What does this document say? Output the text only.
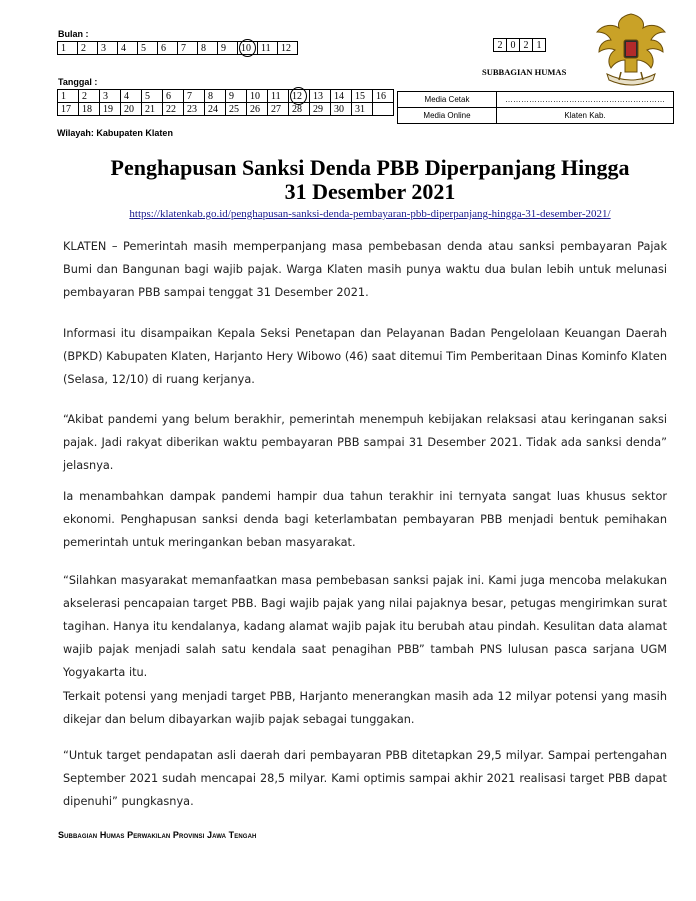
Bulan :
1	2	3	4	5	6	7	8	9	10	11	12
Tanggal :
1	2	3	4	5	6	7	8	9	10	11	12	13	14	15	16
17	18	19	20	21	22	23	24	25	26	27	28	29	30	31	
2	0	2	1
SUBBAGIAN HUMAS
Media Cetak	……………………………………………………
Media Online	Klaten Kab.
Wilayah: Kabupaten Klaten
Penghapusan Sanksi Denda PBB Diperpanjang Hingga
31 Desember 2021
https://klatenkab.go.id/penghapusan-sanksi-denda-pembayaran-pbb-diperpanjang-hingga-31-desember-2021/
KLATEN – Pemerintah masih memperpanjang masa pembebasan denda atau sanksi pembayaran Pajak Bumi dan Bangunan bagi wajib pajak. Warga Klaten masih punya waktu dua bulan lebih untuk melunasi pembayaran PBB sampai tenggat 31 Desember 2021.
Informasi itu disampaikan Kepala Seksi Penetapan dan Pelayanan Badan Pengelolaan Keuangan Daerah (BPKD) Kabupaten Klaten, Harjanto Hery Wibowo (46) saat ditemui Tim Pemberitaan Dinas Kominfo Klaten (Selasa, 12/10) di ruang kerjanya.
“Akibat pandemi yang belum berakhir, pemerintah menempuh kebijakan relaksasi atau keringanan saksi pajak. Jadi rakyat diberikan waktu pembayaran PBB sampai 31 Desember 2021. Tidak ada sanksi denda” jelasnya.
Ia menambahkan dampak pandemi hampir dua tahun terakhir ini ternyata sangat luas khusus sektor ekonomi. Penghapusan sanksi denda bagi keterlambatan pembayaran PBB menjadi bentuk pemihakan pemerintah untuk meringankan beban masyarakat.
“Silahkan masyarakat memanfaatkan masa pembebasan sanksi pajak ini. Kami juga mencoba melakukan akselerasi pencapaian target PBB. Bagi wajib pajak yang nilai pajaknya besar, petugas mengirimkan surat tagihan. Hanya itu kendalanya, kadang alamat wajib pajak itu berubah atau pindah. Kesulitan data alamat wajib pajak menjadi salah satu kendala saat penagihan PBB” tambah PNS lulusan pasca sarjana UGM Yogyakarta itu.
Terkait potensi yang menjadi target PBB, Harjanto menerangkan masih ada 12 milyar potensi yang masih dikejar dan belum dibayarkan wajib pajak sebagai tunggakan.
“Untuk target pendapatan asli daerah dari pembayaran PBB ditetapkan 29,5 milyar. Sampai pertengahan September 2021 sudah mencapai 28,5 milyar. Kami optimis sampai akhir 2021 realisasi target PBB dapat dipenuhi” pungkasnya.
Subbagian Humas Perwakilan Provinsi Jawa Tengah
